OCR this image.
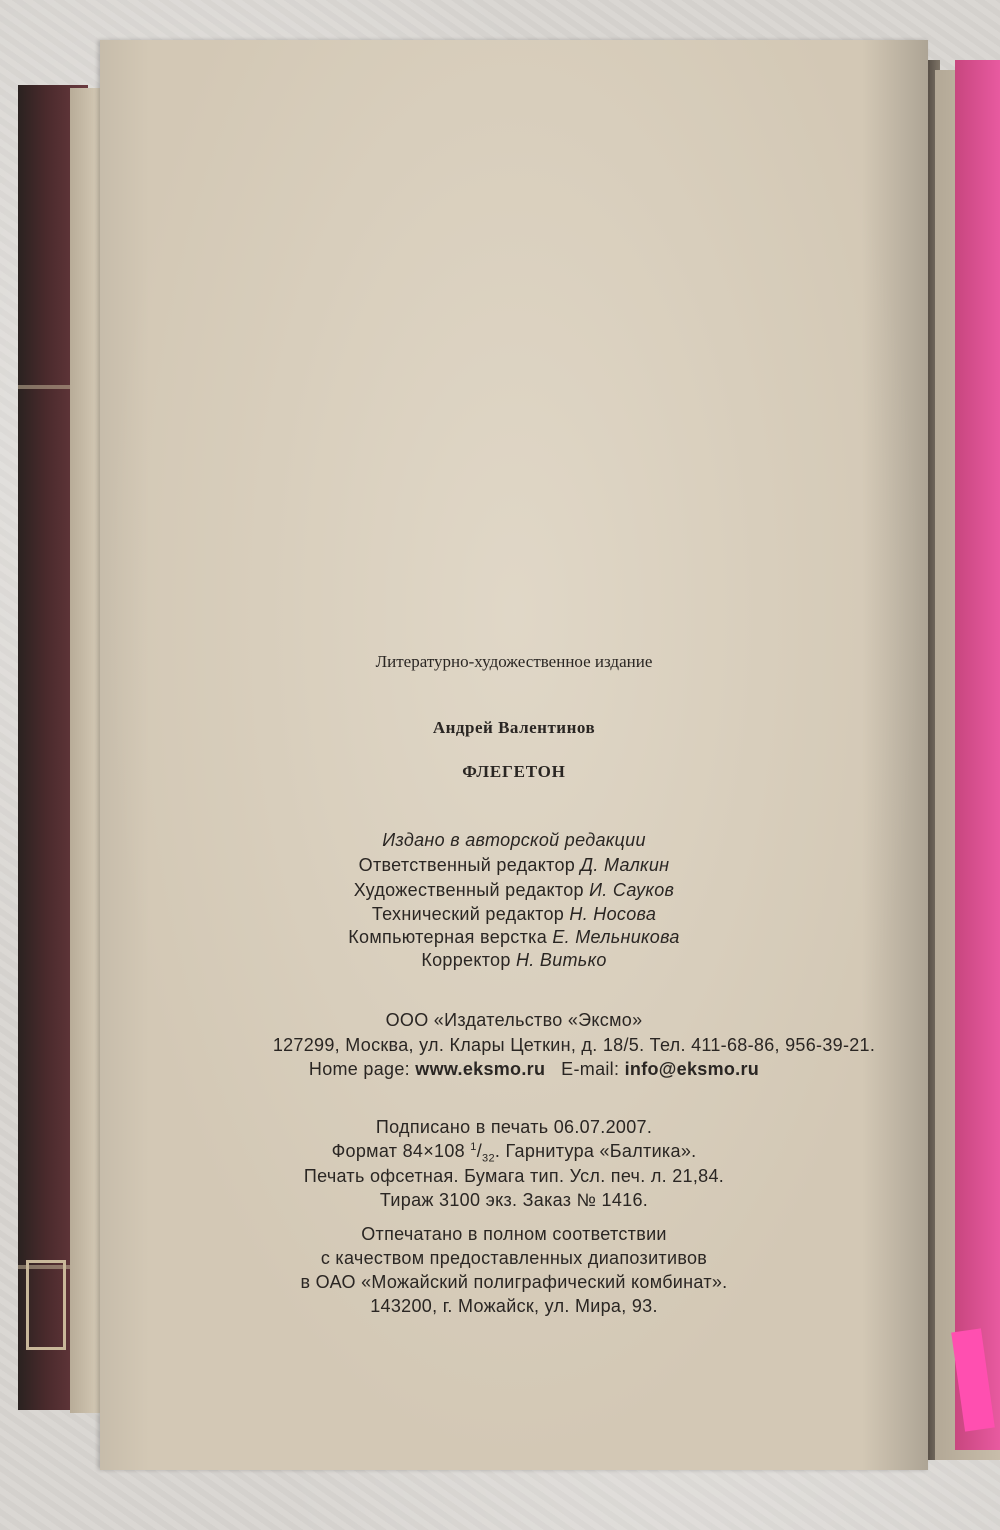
Литературно-художественное издание
Андрей Валентинов
ФЛЕГЕТОН
Издано в авторской редакции
Ответственный редактор Д. Малкин
Художественный редактор И. Сауков
Технический редактор Н. Носова
Компьютерная верстка Е. Мельникова
Корректор Н. Витько
ООО «Издательство «Эксмо»
127299, Москва, ул. Клары Цеткин, д. 18/5. Тел. 411-68-86, 956-39-21.
Home page: www.eksmo.ru E-mail: info@eksmo.ru
Подписано в печать 06.07.2007.
Формат 84×108 $^1/_{32}$. Гарнитура «Балтика».
Печать офсетная. Бумага тип. Усл. печ. л. 21,84.
Тираж 3100 экз. Заказ № 1416.
Отпечатано в полном соответствии
с качеством предоставленных диапозитивов
в ОАО «Можайский полиграфический комбинат».
143200, г. Можайск, ул. Мира, 93.
